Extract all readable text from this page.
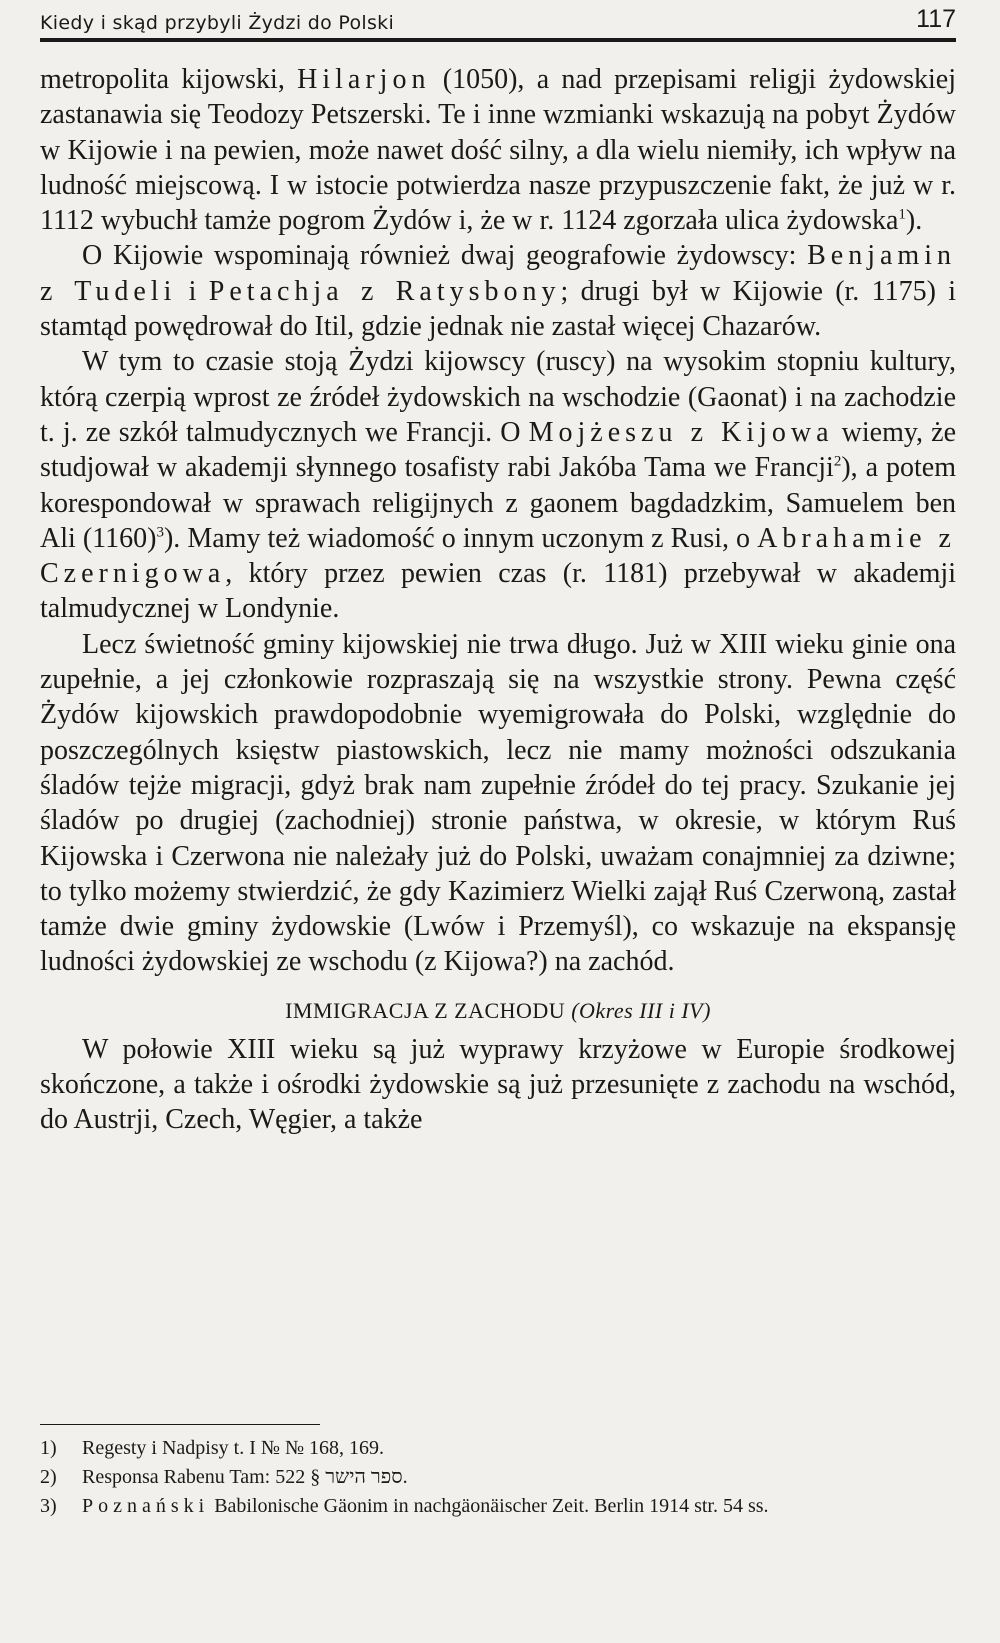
Kiedy i skąd przybyli Żydzi do Polski	117

metropolita kijowski, Hilarjon (1050), a nad przepisami religji żydowskiej zastanawia się Teodozy Petszerski. Te i inne wzmianki wskazują na pobyt Żydów w Kijowie i na pewien, może nawet dość silny, a dla wielu niemiły, ich wpływ na ludność miejscową. I w istocie potwierdza nasze przypuszczenie fakt, że już w r. 1112 wybuchł tamże pogrom Żydów i, że w r. 1124 zgorzała ulica żydowska$^1$).

O Kijowie wspominają również dwaj geografowie żydowscy: Benjamin z Tudeli i Petachja z Ratysbony; drugi był w Kijowie (r. 1175) i stamtąd powędrował do Itil, gdzie jednak nie zastał więcej Chazarów.

W tym to czasie stoją Żydzi kijowscy (ruscy) na wysokim stopniu kultury, którą czerpią wprost ze źródeł żydowskich na wschodzie (Gaonat) i na zachodzie t. j. ze szkół talmudycznych we Francji. O Mojżeszu z Kijowa wiemy, że studjował w akademji słynnego tosafisty rabi Jakóba Tama we Francji$^2$), a potem korespondował w sprawach religijnych z gaonem bagdadzkim, Samuelem ben Ali $(1160)^3$). Mamy też wiadomość o innym uczonym z Rusi, o Abrahamie z Czernigowa, który przez pewien czas (r. 1181) przebywał w akademji talmudycznej w Londynie.

Lecz świetność gminy kijowskiej nie trwa długo. Już w XIII wieku ginie ona zupełnie, a jej członkowie rozpraszają się na wszystkie strony. Pewna część Żydów kijowskich prawdopodobnie wyemigrowała do Polski, względnie do poszczególnych księstw piastowskich, lecz nie mamy możności odszukania śladów tejże migracji, gdyż brak nam zupełnie źródeł do tej pracy. Szukanie jej śladów po drugiej (zachodniej) stronie państwa, w okresie, w którym Ruś Kijowska i Czerwona nie należały już do Polski, uważam conajmniej za dziwne; to tylko możemy stwierdzić, że gdy Kazimierz Wielki zajął Ruś Czerwoną, zastał tamże dwie gminy żydowskie (Lwów i Przemyśl), co wskazuje na ekspansję ludności żydowskiej ze wschodu (z Kijowa?) na zachód.

IMMIGRACJA Z ZACHODU (Okres III i IV)

W połowie XIII wieku są już wyprawy krzyżowe w Europie środkowej skończone, a także i ośrodki żydowskie są już przesunięte z zachodu na wschód, do Austrji, Czech, Węgier, a także

1)	Regesty i Nadpisy t. I № № 168, 169.
2)	Responsa Rabenu Tam: ספר הישר § 522.
3)	Poznański Babilonische Gäonim in nachgäonäischer Zeit. Berlin 1914 str. 54 ss.
